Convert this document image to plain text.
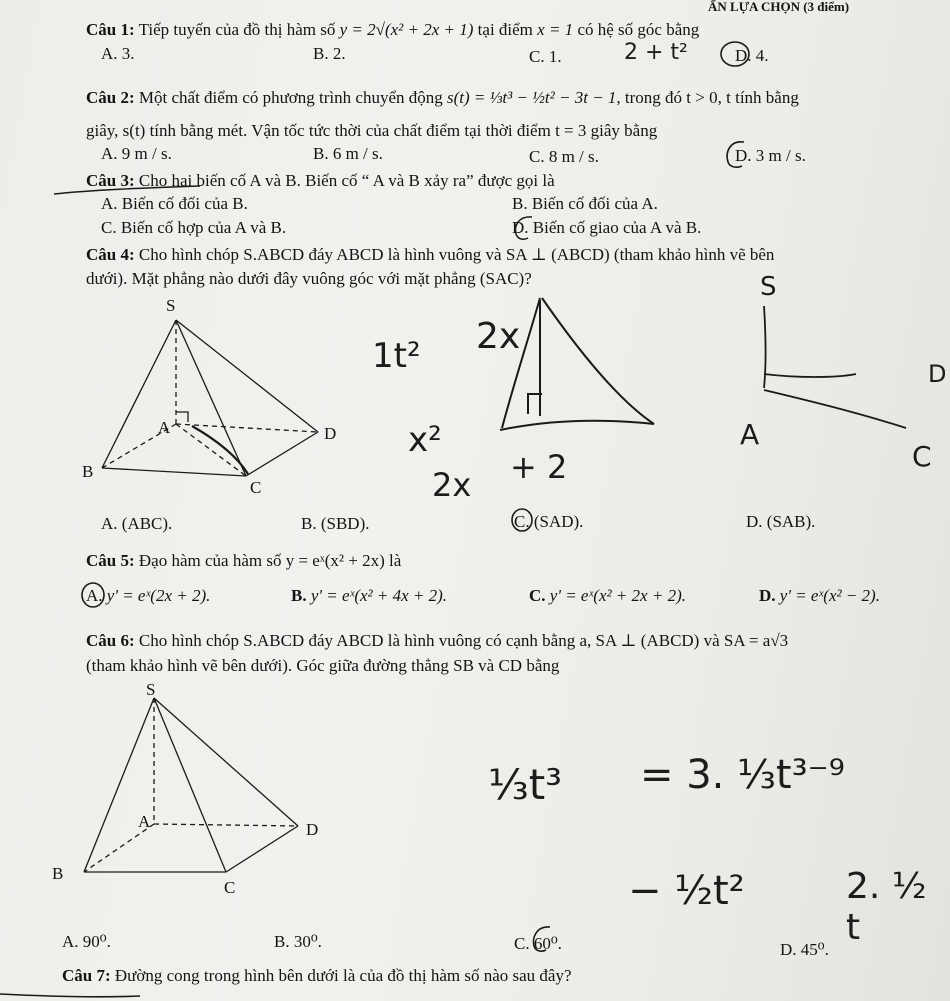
ẤN LỰA CHỌN (3 điểm)
Câu 1: Tiếp tuyến của đồ thị hàm số y = 2√(x² + 2x + 1) tại điểm x = 1 có hệ số góc bằng
A. 3.	B. 2.	C. 1.	D. 4.
2 + t²
Câu 2: Một chất điểm có phương trình chuyển động s(t) = ⅓t³ − ½t² − 3t − 1, trong đó t > 0, t tính bằng
giây, s(t) tính bằng mét. Vận tốc tức thời của chất điểm tại thời điểm t = 3 giây bằng
A. 9 m / s.	B. 6 m / s.	C. 8 m / s.	D. 3 m / s.
Câu 3: Cho hai biến cố A và B. Biến cố “ A và B xảy ra” được gọi là
A. Biến cố đối của B.	B. Biến cố đối của A.
C. Biến cố hợp của A và B.	D. Biến cố giao của A và B.
Câu 4: Cho hình chóp S.ABCD đáy ABCD là hình vuông và SA ⊥ (ABCD) (tham khảo hình vẽ bên
dưới). Mặt phẳng nào dưới đây vuông góc với mặt phẳng (SAC)?
S
A	D
B
C
1t² 2x
x²
+ 2
2x
S
D
A
C
A. (ABC).	B. (SBD).	C. (SAD).	D. (SAB).
Câu 5: Đạo hàm của hàm số y = eˣ(x² + 2x) là
A. y' = eˣ(2x + 2).	B. y' = eˣ(x² + 4x + 2).	C. y' = eˣ(x² + 2x + 2).	D. y' = eˣ(x² − 2).
Câu 6: Cho hình chóp S.ABCD đáy ABCD là hình vuông có cạnh bằng a, SA ⊥ (ABCD) và SA = a√3
(tham khảo hình vẽ bên dưới). Góc giữa đường thẳng SB và CD bằng
S
A	D
B
C
⅓t³ = 3. ⅓t³⁻⁹
− ½t²	2. ½ t
A. 90⁰.	B. 30⁰.	C. 60⁰.	D. 45⁰.
Câu 7: Đường cong trong hình bên dưới là của đồ thị hàm số nào sau đây?
